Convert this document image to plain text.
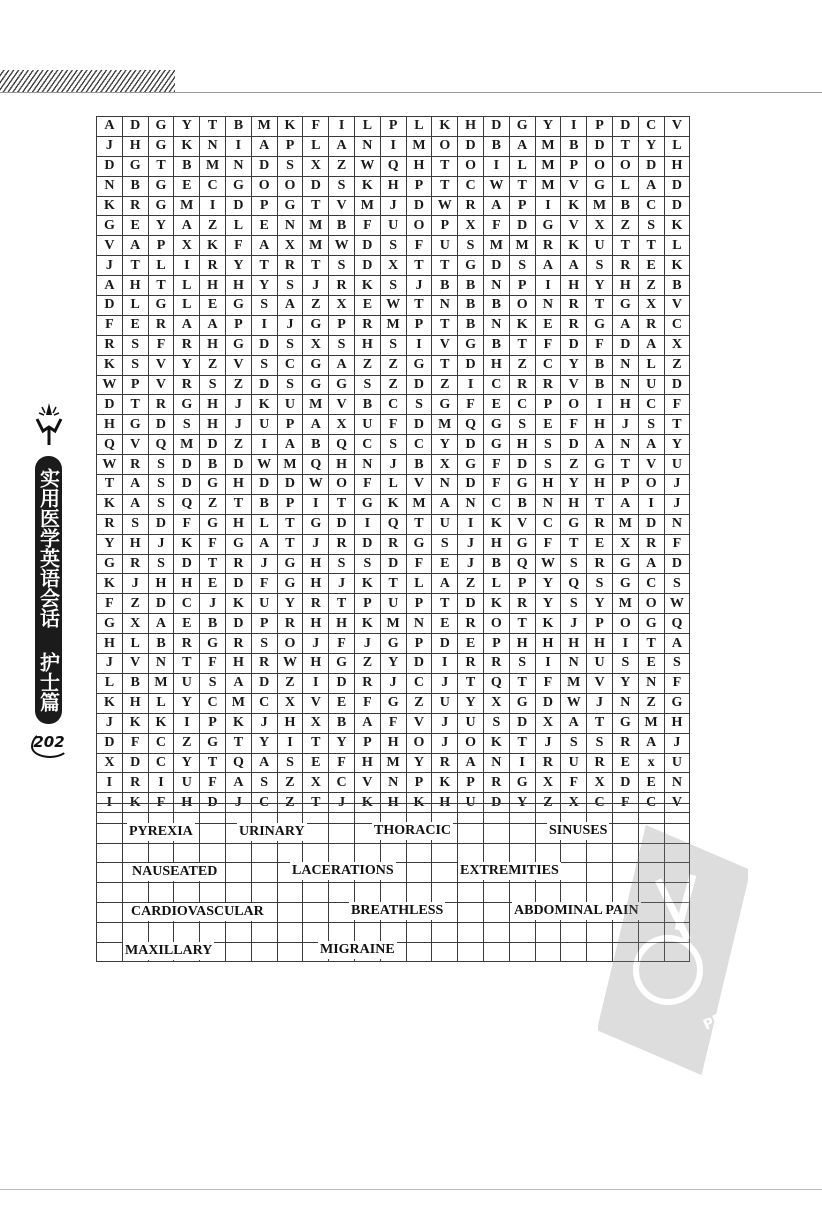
实用医学英语会话 护士篇
202
A	D	G	Y	T	B	M	K	F	I	L	P	L	K	H	D	G	Y	I	P	D	C	V
J	H	G	K	N	I	A	P	L	A	N	I	M	O	D	B	A	M	B	D	T	Y	L
D	G	T	B	M	N	D	S	X	Z	W	Q	H	T	O	I	L	M	P	O	O	D	H
N	B	G	E	C	G	O	O	D	S	K	H	P	T	C	W	T	M	V	G	L	A	D
K	R	G	M	I	D	P	G	T	V	M	J	D	W	R	A	P	I	K	M	B	C	D
G	E	Y	A	Z	L	E	N	M	B	F	U	O	P	X	F	D	G	V	X	Z	S	K
V	A	P	X	K	F	A	X	M	W	D	S	F	U	S	M	M	R	K	U	T	T	L
J	T	L	I	R	Y	T	R	T	S	D	X	T	T	G	D	S	A	A	S	R	E	K
A	H	T	L	H	H	Y	S	J	R	K	S	J	B	B	N	P	I	H	Y	H	Z	B
D	L	G	L	E	G	S	A	Z	X	E	W	T	N	B	B	O	N	R	T	G	X	V
F	E	R	A	A	P	I	J	G	P	R	M	P	T	B	N	K	E	R	G	A	R	C
R	S	F	R	H	G	D	S	X	S	H	S	I	V	G	B	T	F	D	F	D	A	X
K	S	V	Y	Z	V	S	C	G	A	Z	Z	G	T	D	H	Z	C	Y	B	N	L	Z
W	P	V	R	S	Z	D	S	G	G	S	Z	D	Z	I	C	R	R	V	B	N	U	D
D	T	R	G	H	J	K	U	M	V	B	C	S	G	F	E	C	P	O	I	H	C	F
H	G	D	S	H	J	U	P	A	X	U	F	D	M	Q	G	S	E	F	H	J	S	T
Q	V	Q	M	D	Z	I	A	B	Q	C	S	C	Y	D	G	H	S	D	A	N	A	Y
W	R	S	D	B	D	W	M	Q	H	N	J	B	X	G	F	D	S	Z	G	T	V	U
T	A	S	D	G	H	D	D	W	O	F	L	V	N	D	F	G	H	Y	H	P	O	J
K	A	S	Q	Z	T	B	P	I	T	G	K	M	A	N	C	B	N	H	T	A	I	J
R	S	D	F	G	H	L	T	G	D	I	Q	T	U	I	K	V	C	G	R	M	D	N
Y	H	J	K	F	G	A	T	J	R	D	R	G	S	J	H	G	F	T	E	X	R	F
G	R	S	D	T	R	J	G	H	S	S	D	F	E	J	B	Q	W	S	R	G	A	D
K	J	H	H	E	D	F	G	H	J	K	T	L	A	Z	L	P	Y	Q	S	G	C	S
F	Z	D	C	J	K	U	Y	R	T	P	U	P	T	D	K	R	Y	S	Y	M	O	W
G	X	A	E	B	D	P	R	H	H	K	M	N	E	R	O	T	K	J	P	O	G	Q
H	L	B	R	G	R	S	O	J	F	J	G	P	D	E	P	H	H	H	H	I	T	A
J	V	N	T	F	H	R	W	H	G	Z	Y	D	I	R	R	S	I	N	U	S	E	S
L	B	M	U	S	A	D	Z	I	D	R	J	C	J	T	Q	T	F	M	V	Y	N	F
K	H	L	Y	C	M	C	X	V	E	F	G	Z	U	Y	X	G	D	W	J	N	Z	G
J	K	K	I	P	K	J	H	X	B	A	F	V	J	U	S	D	X	A	T	G	M	H
D	F	C	Z	G	T	Y	I	T	Y	P	H	O	J	O	K	T	J	S	S	R	A	J
X	D	C	Y	T	Q	A	S	E	F	H	M	Y	R	A	N	I	R	U	R	E	x	U
I	R	I	U	F	A	S	Z	X	C	V	N	P	K	P	R	G	X	F	X	D	E	N
I	K	F	H	D	J	C	Z	T	J	K	H	K	H	U	D	Y	Z	X	C	F	C	V

PYREXIA	URINARY	THORACIC	SINUSES
NAUSEATED	LACERATIONS	EXTREMITIES
CARDIOVASCULAR	BREATHLESS	ABDOMINAL PAIN
MAXILLARY	MIGRAINE
PDG
